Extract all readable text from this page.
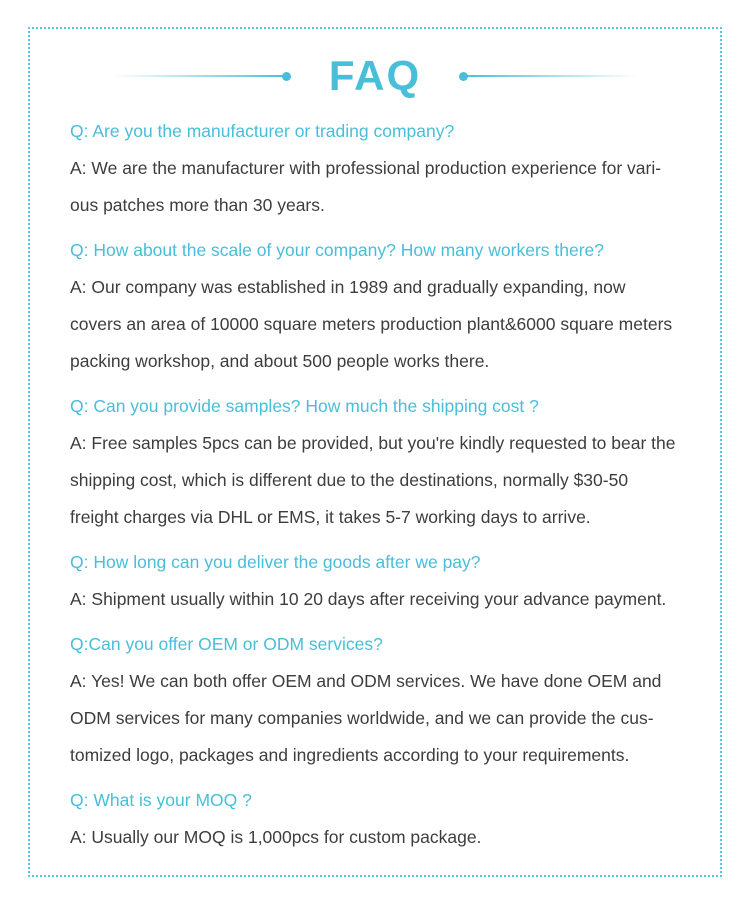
FAQ
Q: Are you the manufacturer or trading company?
A: We are the manufacturer with professional production experience for vari-
ous patches more than 30 years.
Q: How about the scale of your company? How many workers there?
A: Our company was established in 1989 and gradually expanding, now
covers an area of 10000 square meters production plant&6000 square meters
packing workshop, and about 500 people works there.
Q: Can you provide samples? How much the shipping cost ?
A: Free samples 5pcs can be provided, but you're kindly requested to bear the
shipping cost, which is different due to the destinations, normally $30-50
freight charges via DHL or EMS, it takes 5-7 working days to arrive.
Q: How long can you deliver the goods after we pay?
A: Shipment usually within 10 20 days after receiving your advance payment.
Q:Can you offer OEM or ODM services?
A: Yes! We can both offer OEM and ODM services. We have done OEM and
ODM services for many companies worldwide, and we can provide the cus-
tomized logo, packages and ingredients according to your requirements.
Q: What is your MOQ ?
A: Usually our MOQ is 1,000pcs for custom package.
